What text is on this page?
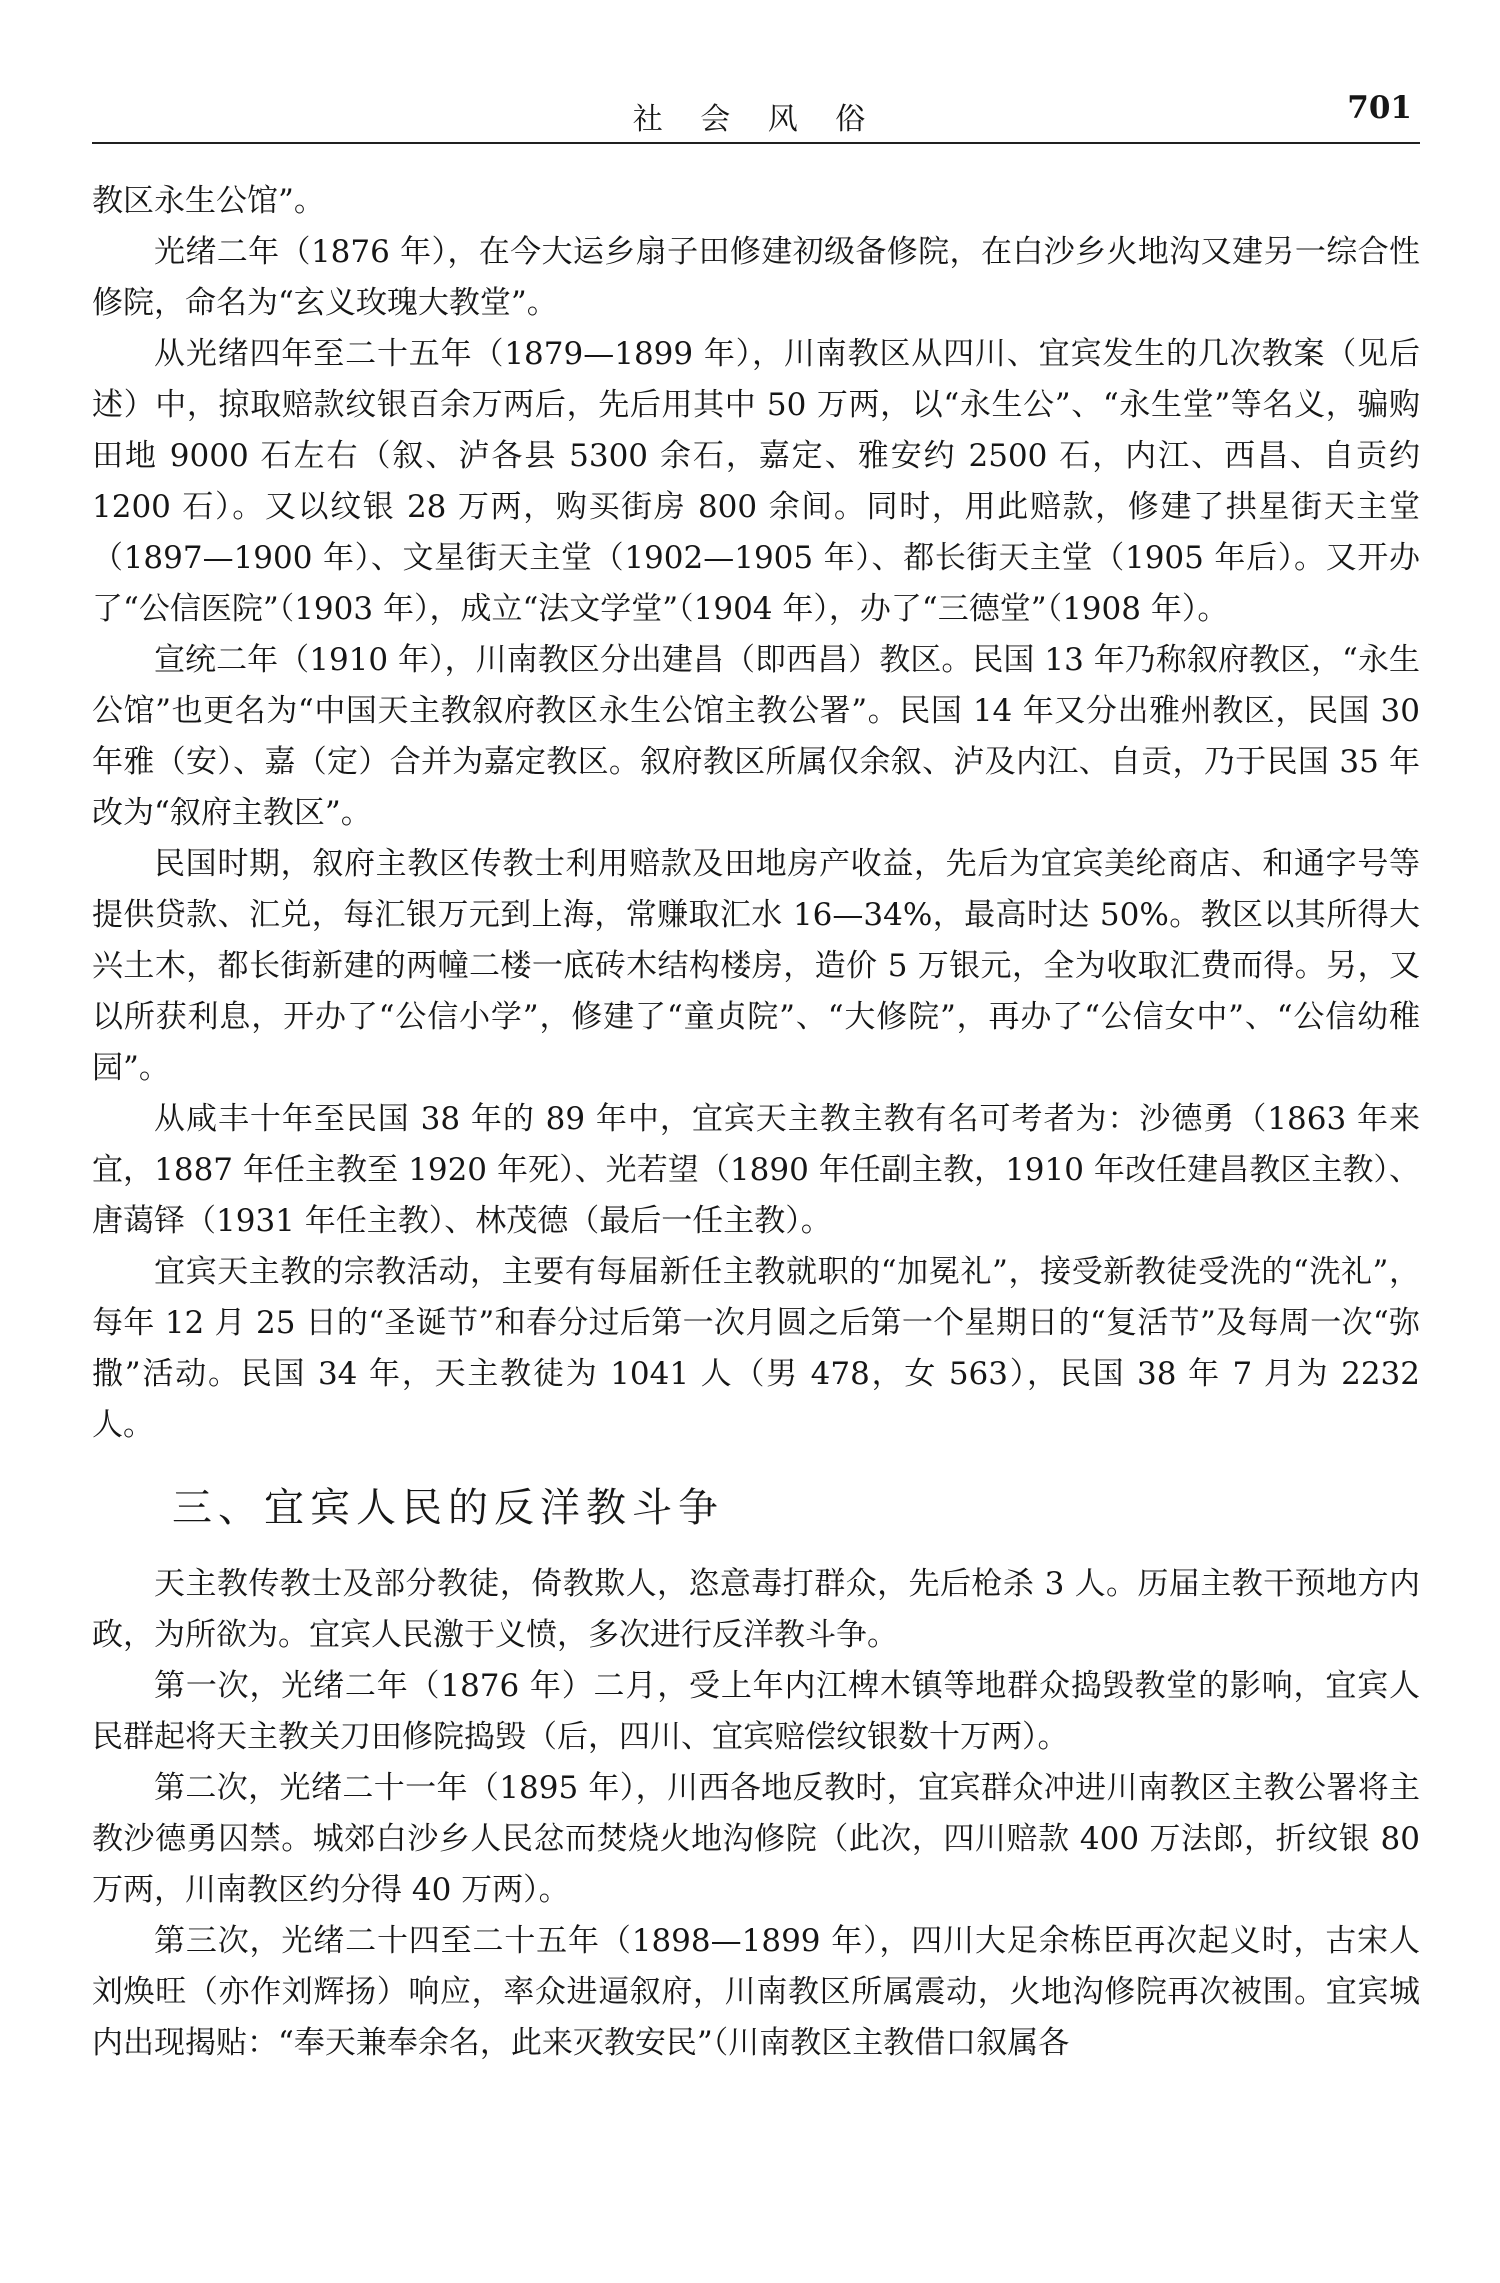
社 会 风 俗	701

教区永生公馆”。

光绪二年（1876 年），在今大运乡扇子田修建初级备修院，在白沙乡火地沟又建另一综合性修院，命名为“玄义玫瑰大教堂”。

从光绪四年至二十五年（1879—1899 年），川南教区从四川、宜宾发生的几次教案（见后述）中，掠取赔款纹银百余万两后，先后用其中 50 万两，以“永生公”、“永生堂”等名义，骗购田地 9000 石左右（叙、泸各县 5300 余石，嘉定、雅安约 2500 石，内江、西昌、自贡约 1200 石）。又以纹银 28 万两，购买街房 800 余间。同时，用此赔款，修建了拱星街天主堂（1897—1900 年）、文星街天主堂（1902—1905 年）、都长街天主堂（1905 年后）。又开办了“公信医院”（1903 年），成立“法文学堂”（1904 年），办了“三德堂”（1908 年）。

宣统二年（1910 年），川南教区分出建昌（即西昌）教区。民国 13 年乃称叙府教区，“永生公馆”也更名为“中国天主教叙府教区永生公馆主教公署”。民国 14 年又分出雅州教区，民国 30 年雅（安）、嘉（定）合并为嘉定教区。叙府教区所属仅余叙、泸及内江、自贡，乃于民国 35 年改为“叙府主教区”。

民国时期，叙府主教区传教士利用赔款及田地房产收益，先后为宜宾美纶商店、和通字号等提供贷款、汇兑，每汇银万元到上海，常赚取汇水 16—34%，最高时达 50%。教区以其所得大兴土木，都长街新建的两幢二楼一底砖木结构楼房，造价 5 万银元，全为收取汇费而得。另，又以所获利息，开办了“公信小学”，修建了“童贞院”、“大修院”，再办了“公信女中”、“公信幼稚园”。

从咸丰十年至民国 38 年的 89 年中，宜宾天主教主教有名可考者为：沙德勇（1863 年来宜，1887 年任主教至 1920 年死）、光若望（1890 年任副主教，1910 年改任建昌教区主教）、唐蔼铎（1931 年任主教）、林茂德（最后一任主教）。

宜宾天主教的宗教活动，主要有每届新任主教就职的“加冕礼”，接受新教徒受洗的“洗礼”，每年 12 月 25 日的“圣诞节”和春分过后第一次月圆之后第一个星期日的“复活节”及每周一次“弥撒”活动。民国 34 年，天主教徒为 1041 人（男 478，女 563），民国 38 年 7 月为 2232 人。

三、宜宾人民的反洋教斗争

天主教传教士及部分教徒，倚教欺人，恣意毒打群众，先后枪杀 3 人。历届主教干预地方内政，为所欲为。宜宾人民激于义愤，多次进行反洋教斗争。

第一次，光绪二年（1876 年）二月，受上年内江椑木镇等地群众捣毁教堂的影响，宜宾人民群起将天主教关刀田修院捣毁（后，四川、宜宾赔偿纹银数十万两）。

第二次，光绪二十一年（1895 年），川西各地反教时，宜宾群众冲进川南教区主教公署将主教沙德勇囚禁。城郊白沙乡人民忿而焚烧火地沟修院（此次，四川赔款 400 万法郎，折纹银 80 万两，川南教区约分得 40 万两）。

第三次，光绪二十四至二十五年（1898—1899 年），四川大足余栋臣再次起义时，古宋人刘焕旺（亦作刘辉扬）响应，率众进逼叙府，川南教区所属震动，火地沟修院再次被围。宜宾城内出现揭贴：“奉天兼奉余名，此来灭教安民”（川南教区主教借口叙属各
